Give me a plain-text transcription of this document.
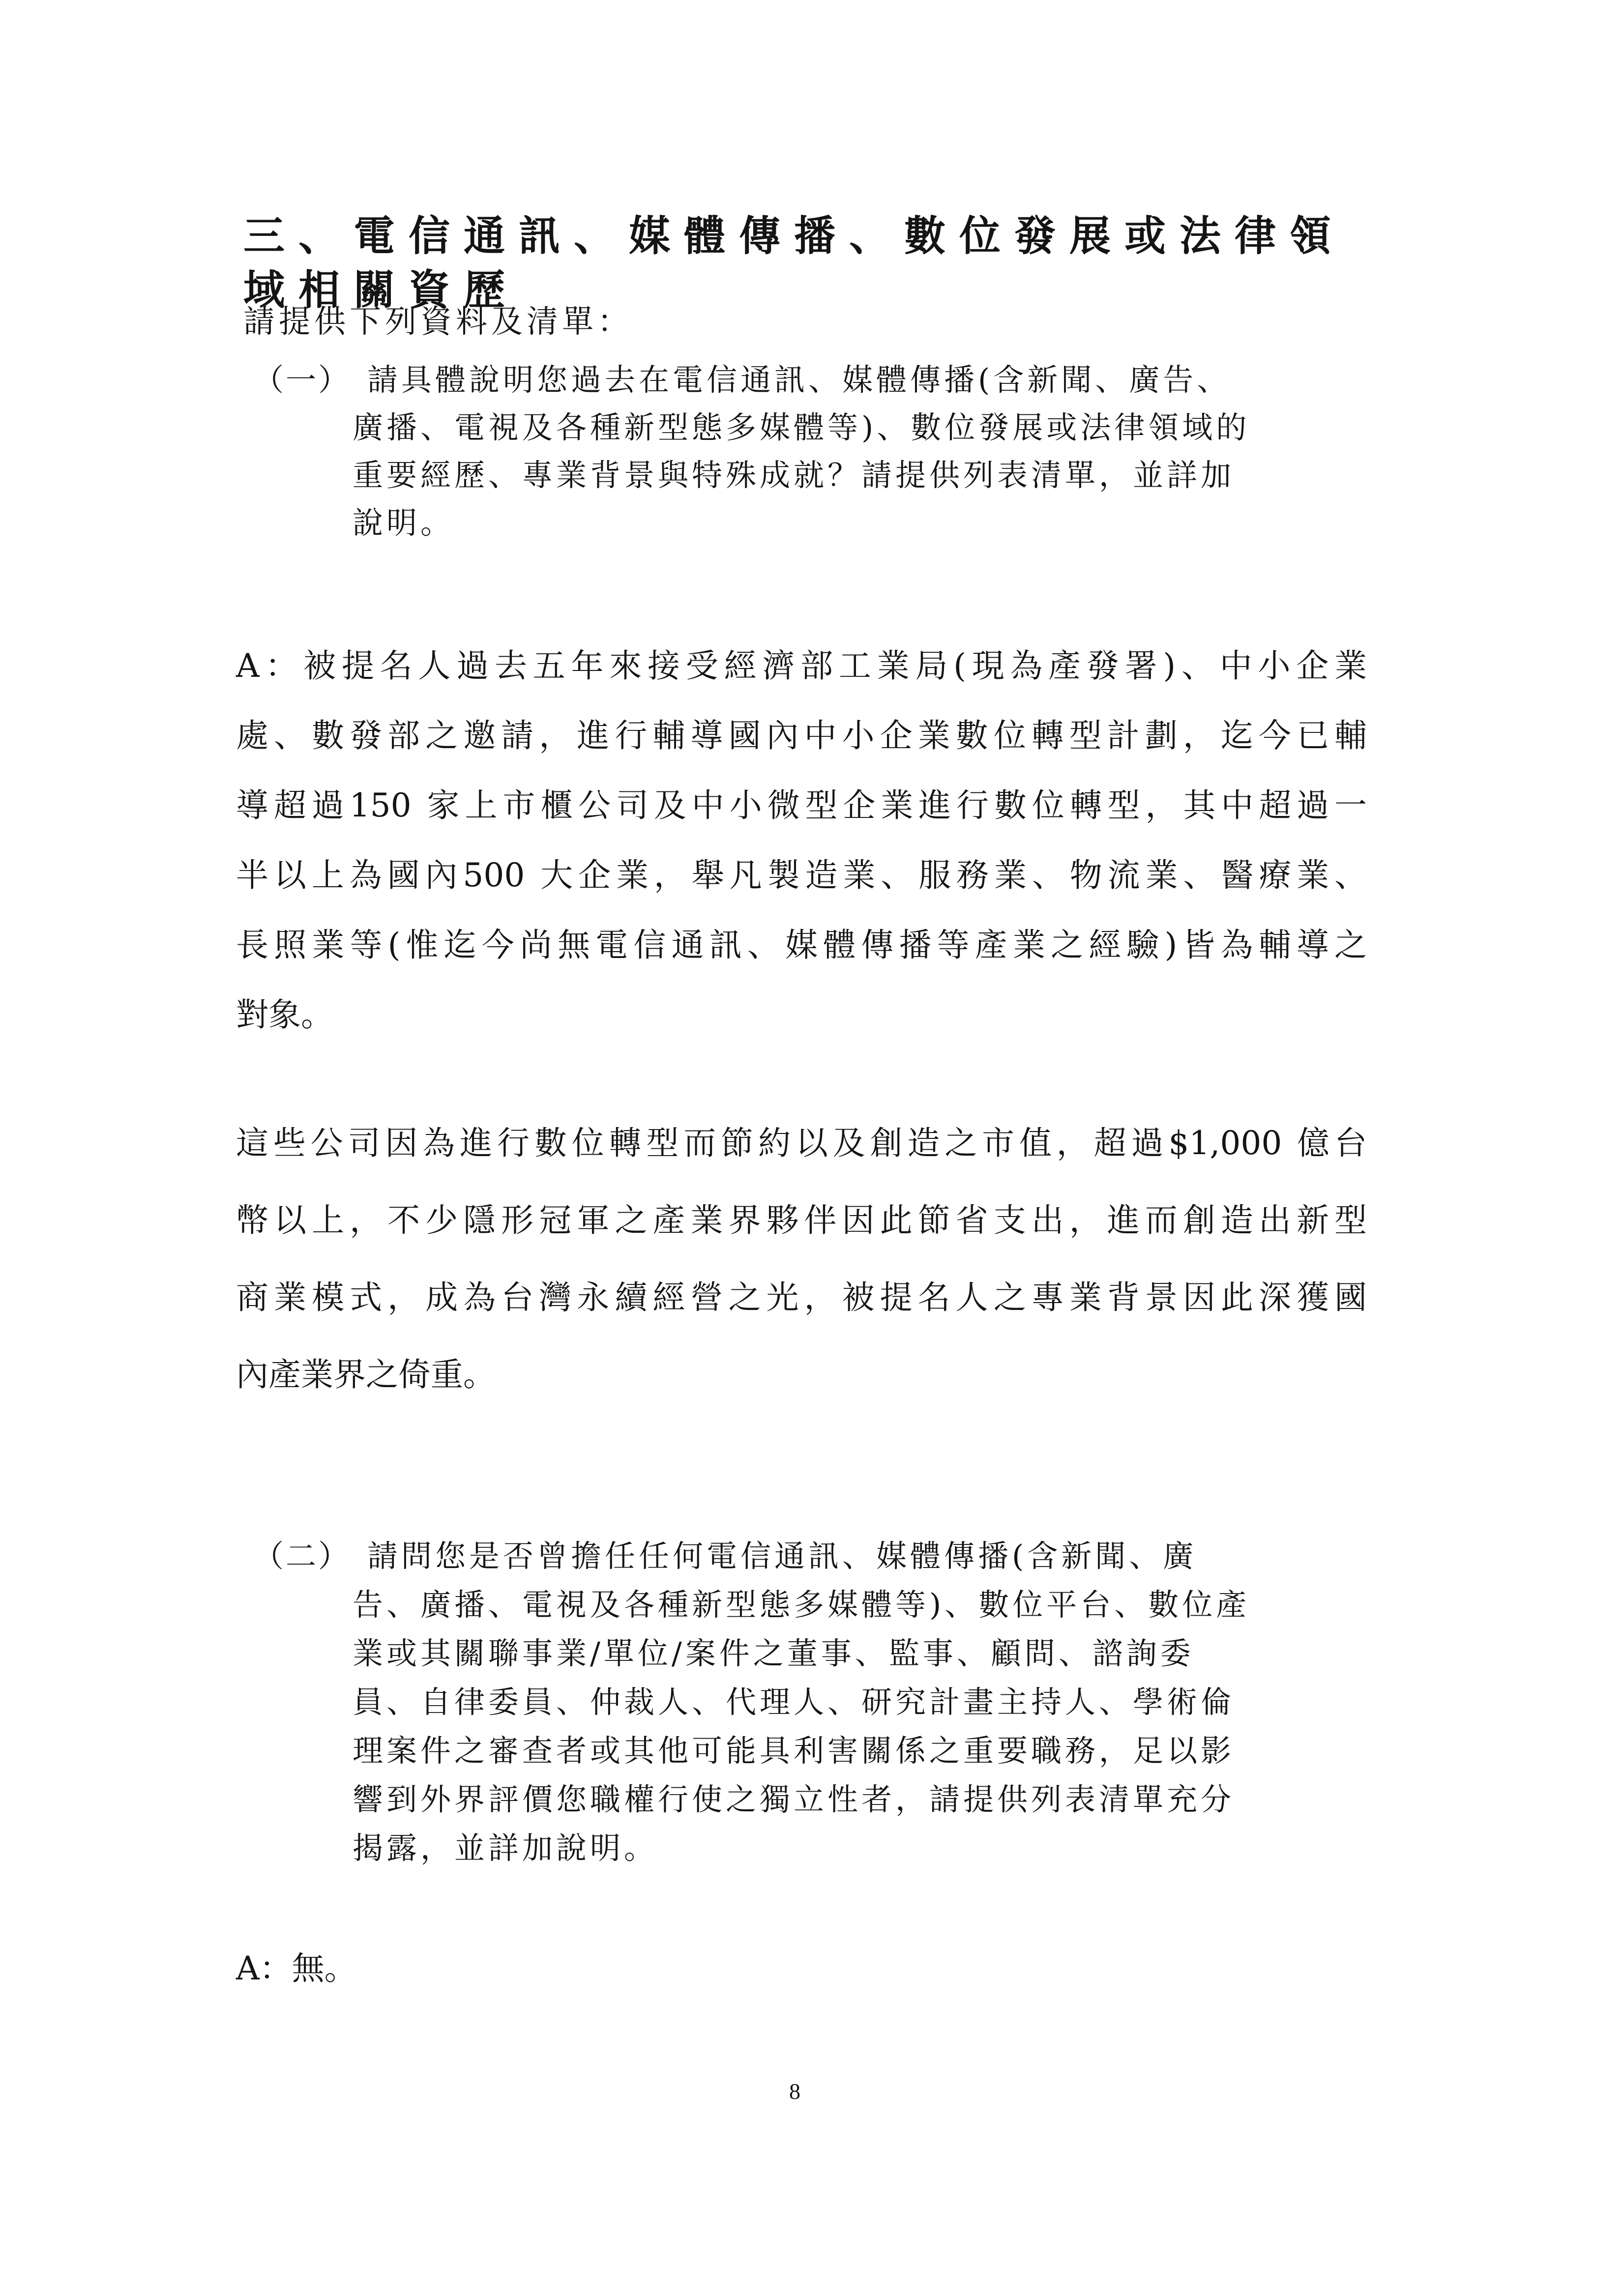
三、電信通訊、媒體傳播、數位發展或法律領域相關資歷
請提供下列資料及清單：
（一） 請具體說明您過去在電信通訊、媒體傳播(含新聞、廣告、
廣播、電視及各種新型態多媒體等)、數位發展或法律領域的
重要經歷、專業背景與特殊成就？請提供列表清單，並詳加
說明。
A：被提名人過去五年來接受經濟部工業局(現為產發署)、中小企業
處、數發部之邀請，進行輔導國內中小企業數位轉型計劃，迄今已輔
導超過150 家上市櫃公司及中小微型企業進行數位轉型，其中超過一
半以上為國內500 大企業，舉凡製造業、服務業、物流業、醫療業、
長照業等(惟迄今尚無電信通訊、媒體傳播等產業之經驗)皆為輔導之
對象。
這些公司因為進行數位轉型而節約以及創造之市值，超過$1,000 億台
幣以上，不少隱形冠軍之產業界夥伴因此節省支出，進而創造出新型
商業模式，成為台灣永續經營之光，被提名人之專業背景因此深獲國
內產業界之倚重。
（二） 請問您是否曾擔任任何電信通訊、媒體傳播(含新聞、廣
告、廣播、電視及各種新型態多媒體等)、數位平台、數位產
業或其關聯事業/單位/案件之董事、監事、顧問、諮詢委
員、自律委員、仲裁人、代理人、研究計畫主持人、學術倫
理案件之審查者或其他可能具利害關係之重要職務，足以影
響到外界評價您職權行使之獨立性者，請提供列表清單充分
揭露，並詳加說明。
A：無。
8
